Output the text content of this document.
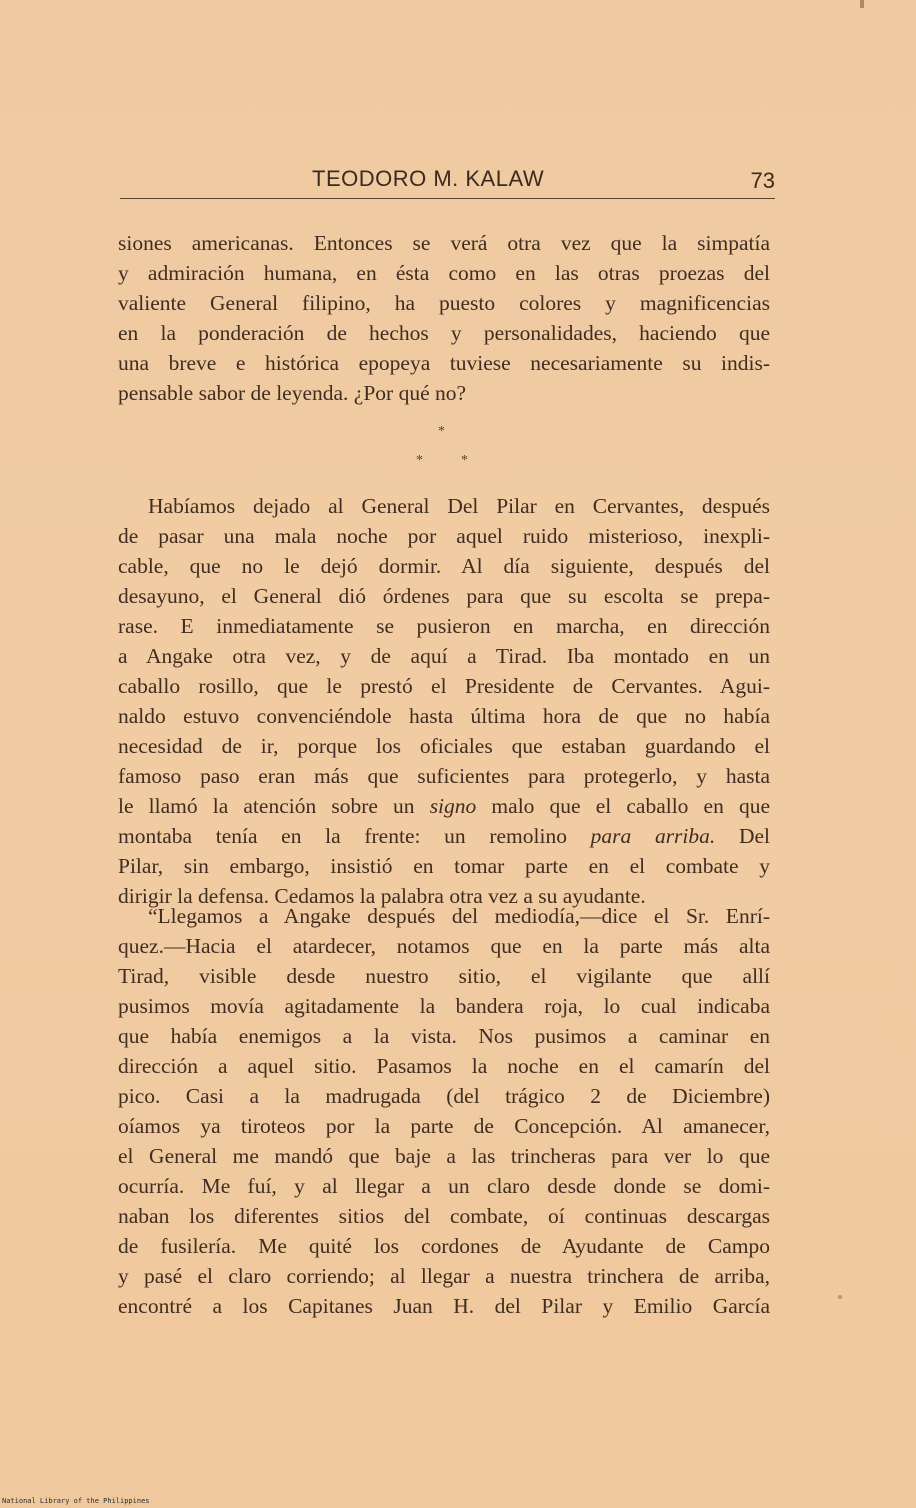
TEODORO M. KALAW	73
siones americanas. Entonces se verá otra vez que la simpatía
y admiración humana, en ésta como en las otras proezas del
valiente General filipino, ha puesto colores y magnificencias
en la ponderación de hechos y personalidades, haciendo que
una breve e histórica epopeya tuviese necesariamente su indis-
pensable sabor de leyenda. ¿Por qué no?
*
*	*
Habíamos dejado al General Del Pilar en Cervantes, después
de pasar una mala noche por aquel ruido misterioso, inexpli-
cable, que no le dejó dormir. Al día siguiente, después del
desayuno, el General dió órdenes para que su escolta se prepa-
rase. E inmediatamente se pusieron en marcha, en dirección
a Angake otra vez, y de aquí a Tirad. Iba montado en un
caballo rosillo, que le prestó el Presidente de Cervantes. Agui-
naldo estuvo convenciéndole hasta última hora de que no había
necesidad de ir, porque los oficiales que estaban guardando el
famoso paso eran más que suficientes para protegerlo, y hasta
le llamó la atención sobre un signo malo que el caballo en que
montaba tenía en la frente: un remolino para arriba. Del
Pilar, sin embargo, insistió en tomar parte en el combate y
dirigir la defensa. Cedamos la palabra otra vez a su ayudante.
“Llegamos a Angake después del mediodía,—dice el Sr. Enrí-
quez.—Hacia el atardecer, notamos que en la parte más alta
Tirad, visible desde nuestro sitio, el vigilante que allí
pusimos movía agitadamente la bandera roja, lo cual indicaba
que había enemigos a la vista. Nos pusimos a caminar en
dirección a aquel sitio. Pasamos la noche en el camarín del
pico. Casi a la madrugada (del trágico 2 de Diciembre)
oíamos ya tiroteos por la parte de Concepción. Al amanecer,
el General me mandó que baje a las trincheras para ver lo que
ocurría. Me fuí, y al llegar a un claro desde donde se domi-
naban los diferentes sitios del combate, oí continuas descargas
de fusilería. Me quité los cordones de Ayudante de Campo
y pasé el claro corriendo; al llegar a nuestra trinchera de arriba,
encontré a los Capitanes Juan H. del Pilar y Emilio García
National Library of the Philippines
